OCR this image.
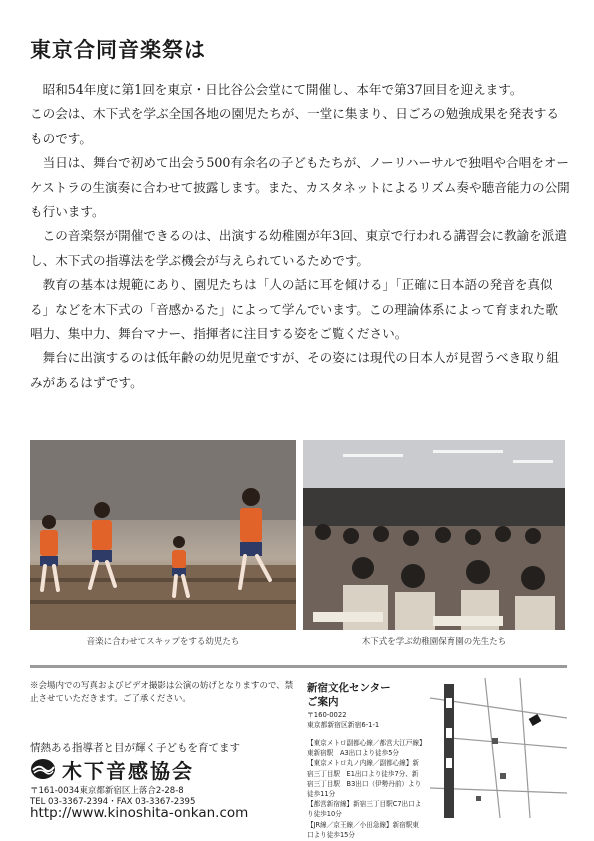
東京合同音楽祭は

昭和54年度に第1回を東京・日比谷公会堂にて開催し、本年で第37回目を迎えます。

この会は、木下式を学ぶ全国各地の園児たちが、一堂に集まり、日ごろの勉強成果を発表するものです。

当日は、舞台で初めて出会う500有余名の子どもたちが、ノーリハーサルで独唱や合唱をオーケストラの生演奏に合わせて披露します。また、カスタネットによるリズム奏や聴音能力の公開も行います。

この音楽祭が開催できるのは、出演する幼稚園が年3回、東京で行われる講習会に教諭を派遣し、木下式の指導法を学ぶ機会が与えられているためです。

教育の基本は規範にあり、園児たちは「人の話に耳を傾ける」「正確に日本語の発音を真似る」などを木下式の「音感かるた」によって学んでいます。この理論体系によって育まれた歌唱力、集中力、舞台マナー、指揮者に注目する姿をご覧ください。

舞台に出演するのは低年齢の幼児児童ですが、その姿には現代の日本人が見習うべき取り組みがあるはずです。

音楽に合わせてスキップをする幼児たち	木下式を学ぶ幼稚園保育園の先生たち
※会場内での写真およびビデオ撮影は公演の妨げとなりますので、禁止させていただきます。ご了承ください。
情熱ある指導者と目が輝く子どもを育てます
木下音感協会
〒161-0034東京都新宿区上落合2-28-8
TEL 03-3367-2394・FAX 03-3367-2395
http://www.kinoshita-onkan.com
新宿文化センター
ご案内
〒160-0022
東京都新宿区新宿6-1-1
【東京メトロ副都心線／都営大江戸線】東新宿駅　A3出口より徒歩5分
【東京メトロ丸ノ内線／副都心線】新宿三丁目駅　E1出口より徒歩7分、新宿三丁目駅　B3出口（伊勢丹前）より徒歩11分
【都営新宿線】新宿三丁目駅C7出口より徒歩10分
【JR線／京王線／小田急線】新宿駅東口より徒歩15分
